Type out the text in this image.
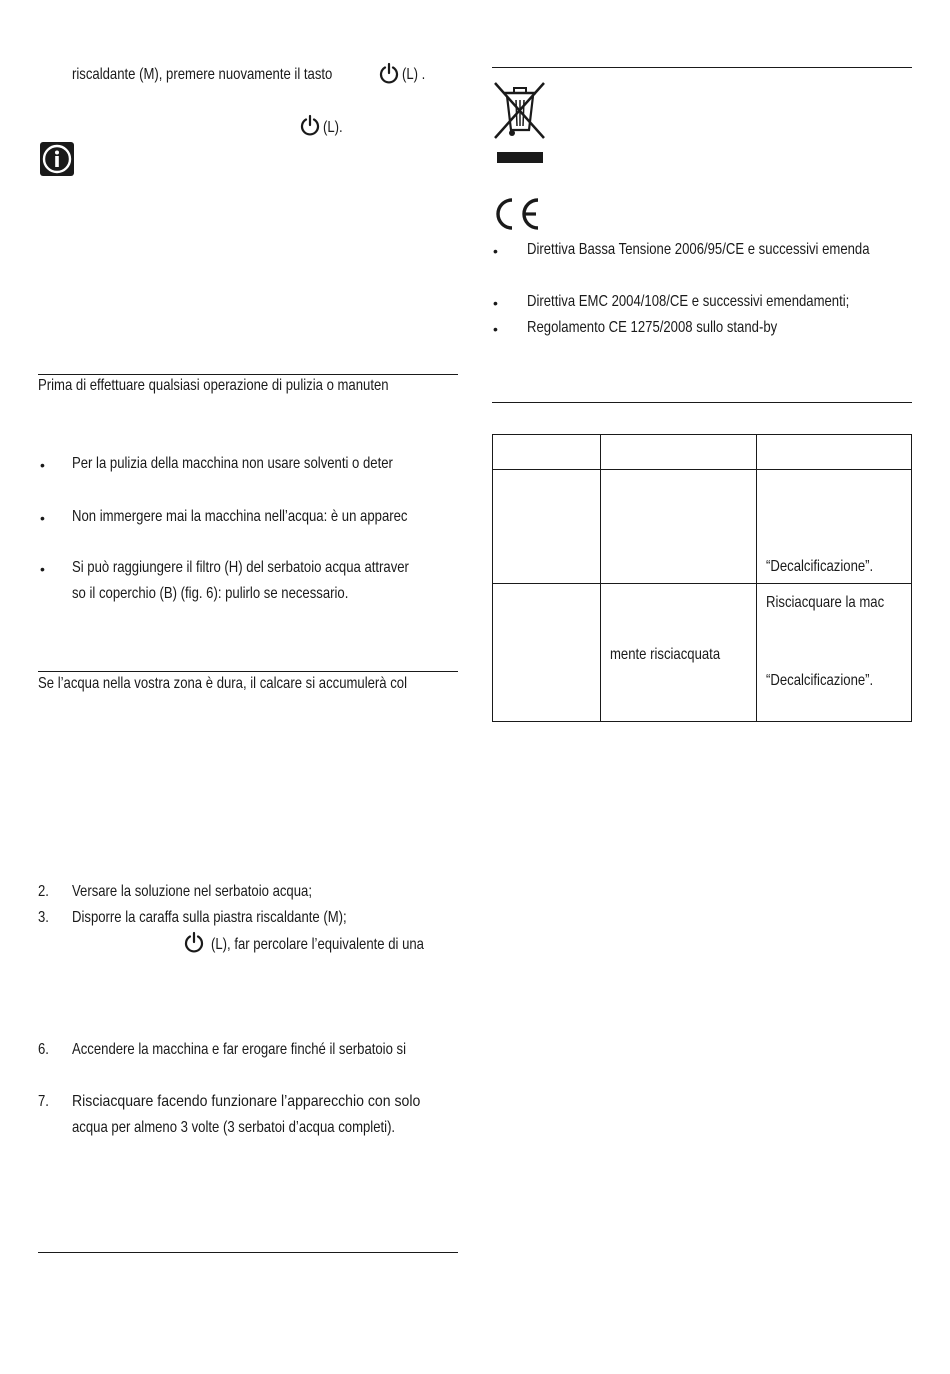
riscaldante (M), premere nuovamente il tasto	(L) .
(L).
Prima di effettuare qualsiasi operazione di pulizia o manuten
• Per la pulizia della macchina non usare solventi o deter
• Non immergere mai la macchina nell’acqua: è un apparec
• Si può raggiungere il filtro (H) del serbatoio acqua attraver
so il coperchio (B) (fig. 6): pulirlo se necessario.
Se l’acqua nella vostra zona è dura, il calcare si accumulerà col
2. Versare la soluzione nel serbatoio acqua;
3. Disporre la caraffa sulla piastra riscaldante (M);
(L), far percolare l’equivalente di una
6. Accendere la macchina e far erogare finché il serbatoio si
7. Risciacquare facendo funzionare l’apparecchio con solo
acqua per almeno 3 volte (3 serbatoi d’acqua completi).
• Direttiva Bassa Tensione 2006/95/CE e successivi emenda
• Direttiva EMC 2004/108/CE e successivi emendamenti;
• Regolamento CE 1275/2008 sullo stand-by
“Decalcificazione”.
mente risciacquata
Risciacquare la mac
“Decalcificazione”.
